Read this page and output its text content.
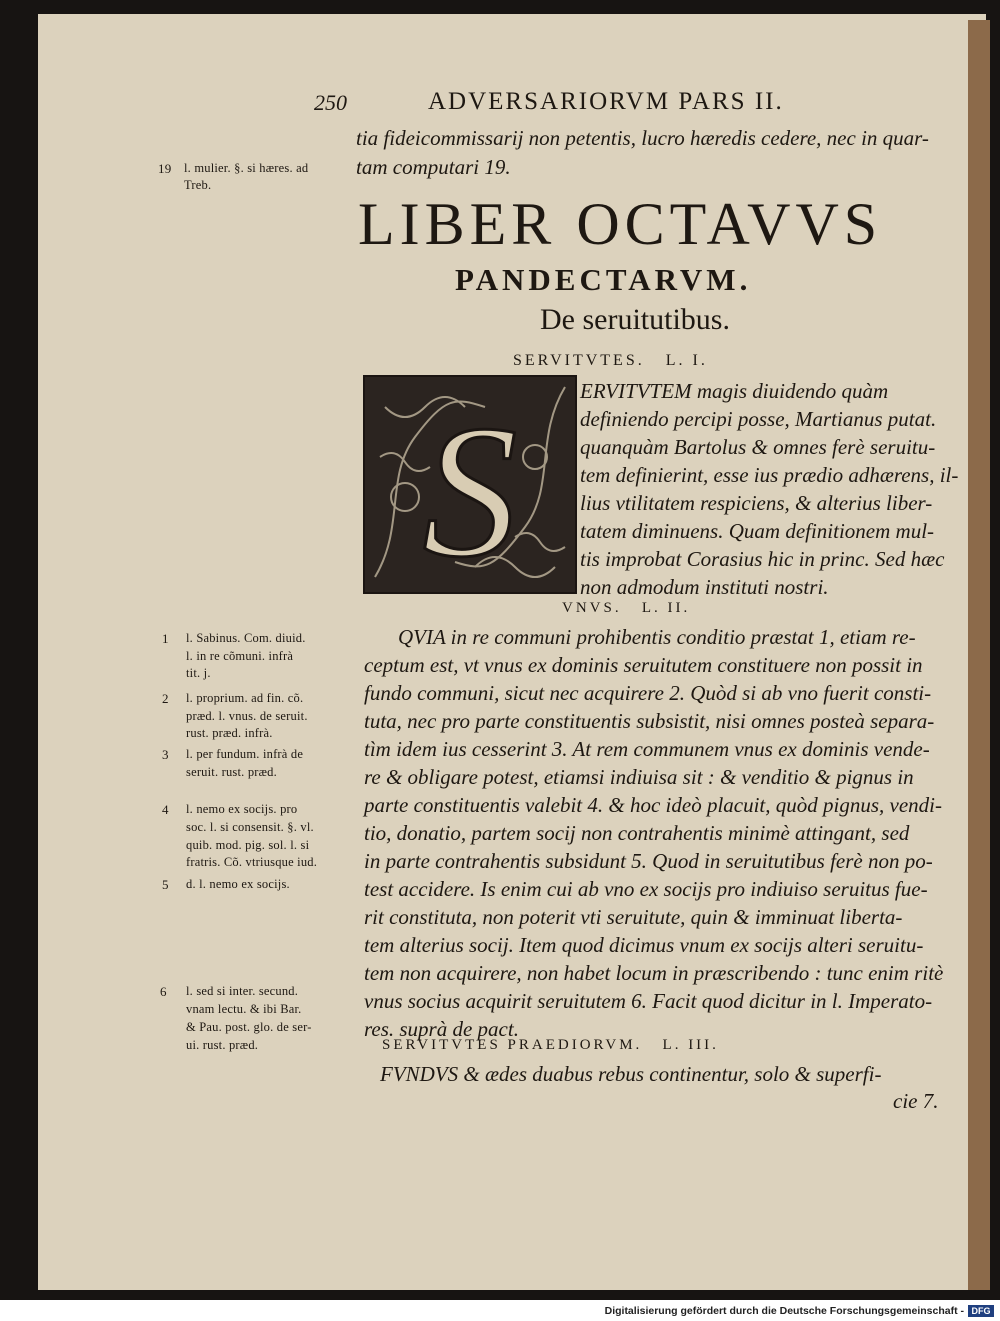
250	ADVERSARIORVM PARS II.
tia fideicommissarij non petentis, lucro hæredis cedere, nec in quar-
tam computari 19.
19 l. mulier. §. si hæres. ad
Treb.
LIBER OCTAVVS
PANDECTARVM.
De seruitutibus.
SERVITVTES.   L. I.
S	ERVITVTEM magis diuidendo quàm
definiendo percipi posse, Martianus putat.
quanquàm Bartolus & omnes ferè seruitu-
tem definierint, esse ius prædio adhærens, il-
lius vtilitatem respiciens, & alterius liber-
tatem diminuens. Quam definitionem mul-
tis improbat Corasius hic in princ. Sed hæc
non admodum instituti nostri.
VNVS.   L. II.
QVIA in re communi prohibentis conditio præstat 1, etiam re-
ceptum est, vt vnus ex dominis seruitutem constituere non possit in
fundo communi, sicut nec acquirere 2. Quòd si ab vno fuerit consti-
tuta, nec pro parte constituentis subsistit, nisi omnes posteà separa-
tìm idem ius cesserint 3. At rem communem vnus ex dominis vende-
re & obligare potest, etiamsi indiuisa sit : & venditio & pignus in
parte constituentis valebit 4. & hoc ideò placuit, quòd pignus, vendi-
tio, donatio, partem socij non contrahentis minimè attingant, sed
in parte contrahentis subsidunt 5. Quod in seruitutibus ferè non po-
test accidere. Is enim cui ab vno ex socijs pro indiuiso seruitus fue-
rit constituta, non poterit vti seruitute, quin & imminuat liberta-
tem alterius socij. Item quod dicimus vnum ex socijs alteri seruitu-
tem non acquirere, non habet locum in præscribendo : tunc enim ritè
vnus socius acquirit seruitutem 6. Facit quod dicitur in l. Imperato-
res. suprà de pact.
SERVITVTES PRAEDIORVM.   L. III.
FVNDVS & ædes duabus rebus continentur, solo & superfi-
cie 7.
1 l. Sabinus. Com. diuid.
l. in re cõmuni. infrà
tit. j.
2 l. proprium. ad fin. cõ.
præd. l. vnus. de seruit.
rust. præd. infrà.
3 l. per fundum. infrà de
seruit. rust. præd.
4 l. nemo ex socijs. pro
soc. l. si consensit. §. vl.
quib. mod. pig. sol. l. si
fratris. Cõ. vtriusque iud.
5 d. l. nemo ex socijs.
6 l. sed si inter. secund.
vnam lectu. & ibi Bar.
& Pau. post. glo. de ser-
ui. rust. præd.
Digitalisierung gefördert durch die Deutsche Forschungsgemeinschaft - DFG
